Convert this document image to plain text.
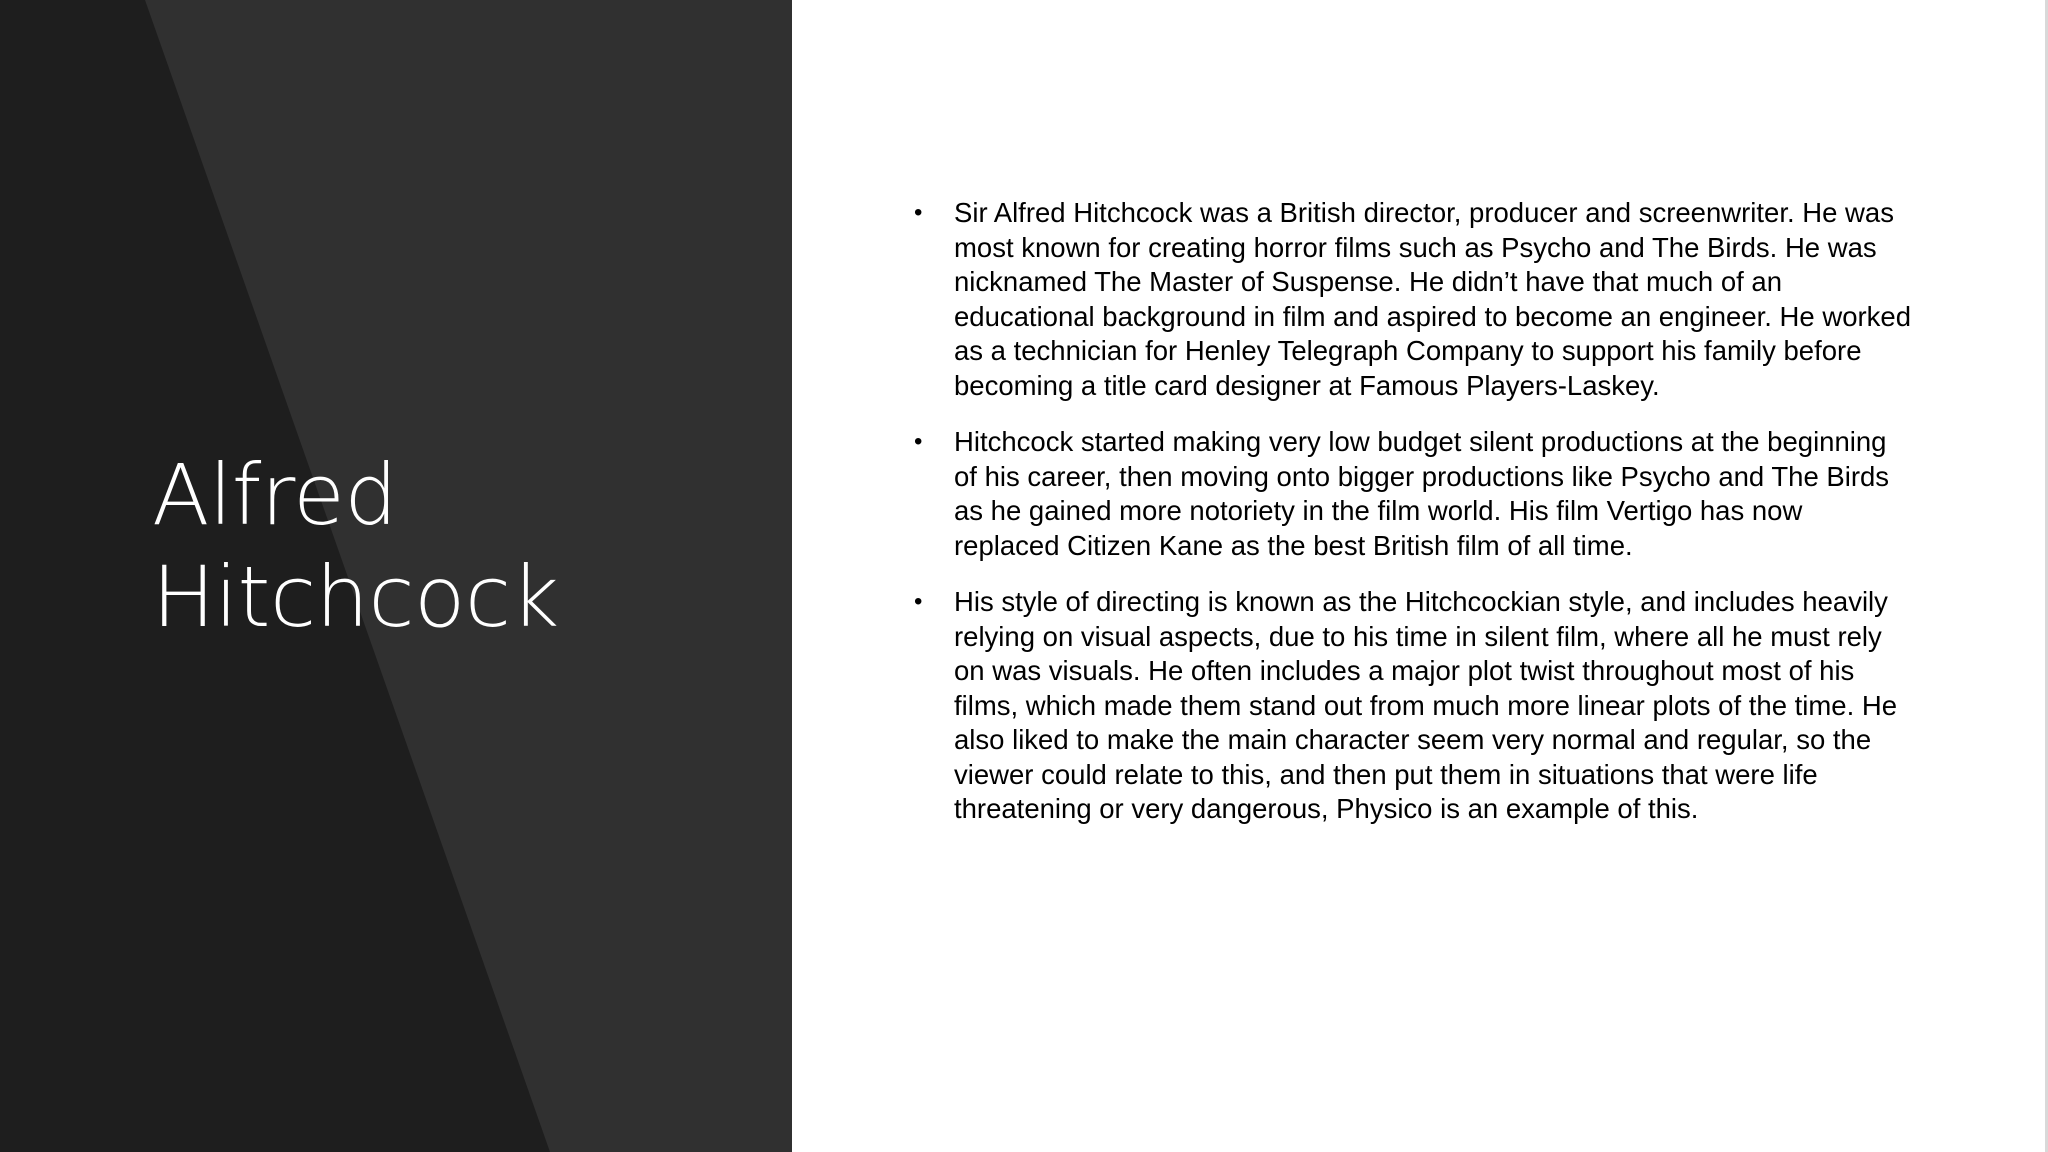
Alfred
Hitchcock
• Sir Alfred Hitchcock was a British director, producer and screenwriter. He was most known for creating horror films such as Psycho and The Birds. He was nicknamed The Master of Suspense. He didn’t have that much of an educational background in film and aspired to become an engineer. He worked as a technician for Henley Telegraph Company to support his family before becoming a title card designer at Famous Players-Laskey.
• Hitchcock started making very low budget silent productions at the beginning of his career, then moving onto bigger productions like Psycho and The Birds as he gained more notoriety in the film world. His film Vertigo has now replaced Citizen Kane as the best British film of all time.
• His style of directing is known as the Hitchcockian style, and includes heavily relying on visual aspects, due to his time in silent film, where all he must rely on was visuals. He often includes a major plot twist throughout most of his films, which made them stand out from much more linear plots of the time. He also liked to make the main character seem very normal and regular, so the viewer could relate to this, and then put them in situations that were life threatening or very dangerous, Physico is an example of this.
